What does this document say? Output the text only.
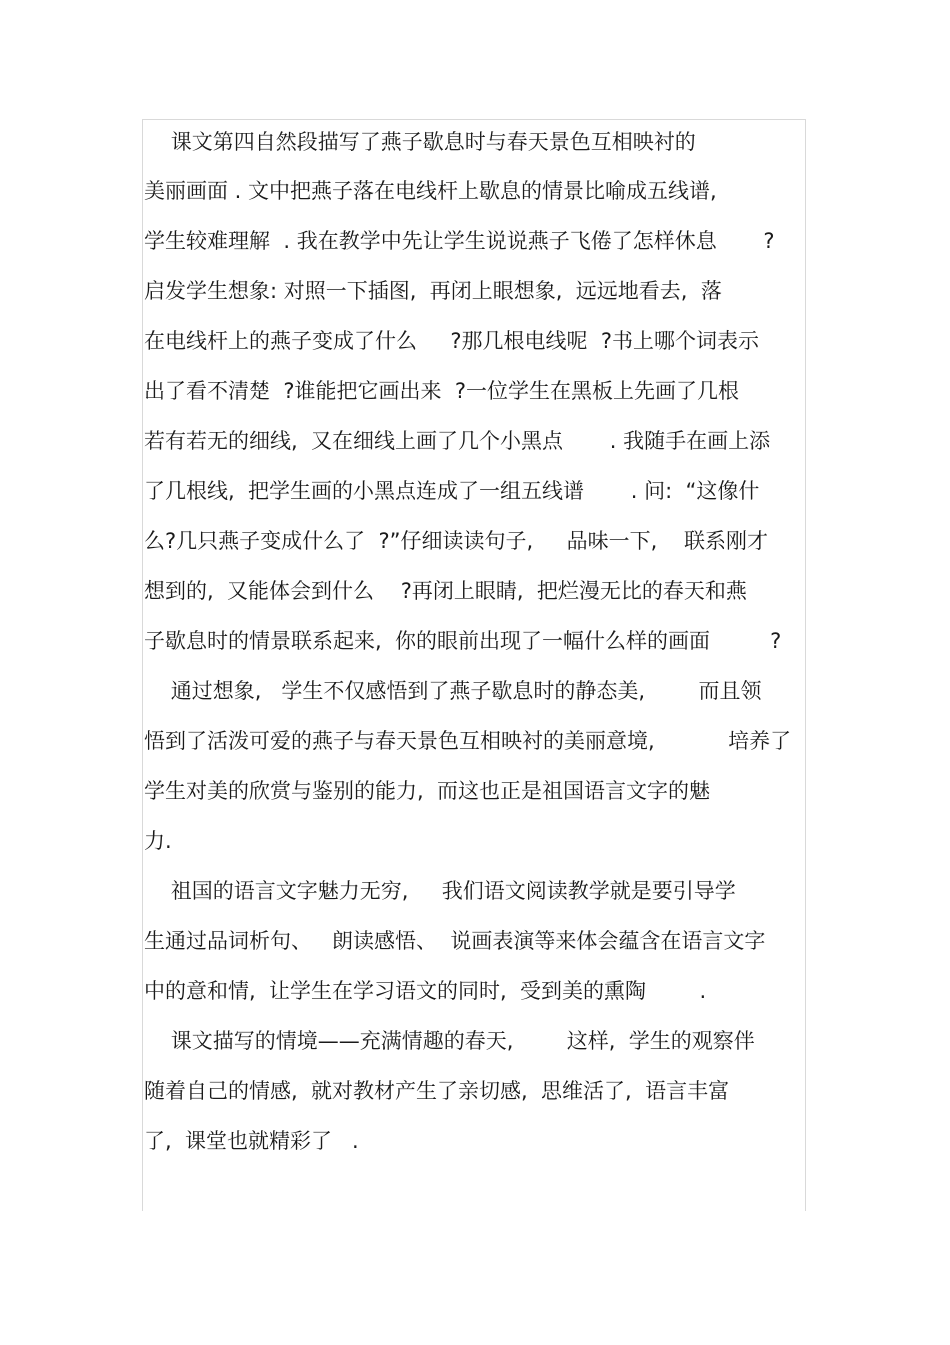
课文第四自然段描写了燕子歇息时与春天景色互相映衬的
美丽画面 . 文中把燕子落在电线杆上歇息的情景比喻成五线谱,
学生较难理解  . 我在教学中先让学生说说燕子飞倦了怎样休息       ?
启发学生想象: 对照一下插图,  再闭上眼想象,  远远地看去,  落
在电线杆上的燕子变成了什么     ?那几根电线呢  ?书上哪个词表示
出了看不清楚  ?谁能把它画出来  ?一位学生在黑板上先画了几根
若有若无的细线,  又在细线上画了几个小黑点       . 我随手在画上添
了几根线,  把学生画的小黑点连成了一组五线谱       . 问:  “这像什
么?几只燕子变成什么了  ?”仔细读读句子,     品味一下,    联系刚才
想到的,  又能体会到什么    ?再闭上眼睛,  把烂漫无比的春天和燕
子歇息时的情景联系起来,  你的眼前出现了一幅什么样的画面         ?
通过想象,   学生不仅感悟到了燕子歇息时的静态美,        而且领
悟到了活泼可爱的燕子与春天景色互相映衬的美丽意境,           培养了
学生对美的欣赏与鉴别的能力,  而这也正是祖国语言文字的魅
力.
祖国的语言文字魅力无穷,     我们语文阅读教学就是要引导学
生通过品词析句、   朗读感悟、  说画表演等来体会蕴含在语言文字
中的意和情,  让学生在学习语文的同时,  受到美的熏陶        .
课文描写的情境——充满情趣的春天,        这样,  学生的观察伴
随着自己的情感,  就对教材产生了亲切感,  思维活了,  语言丰富
了,  课堂也就精彩了   .
